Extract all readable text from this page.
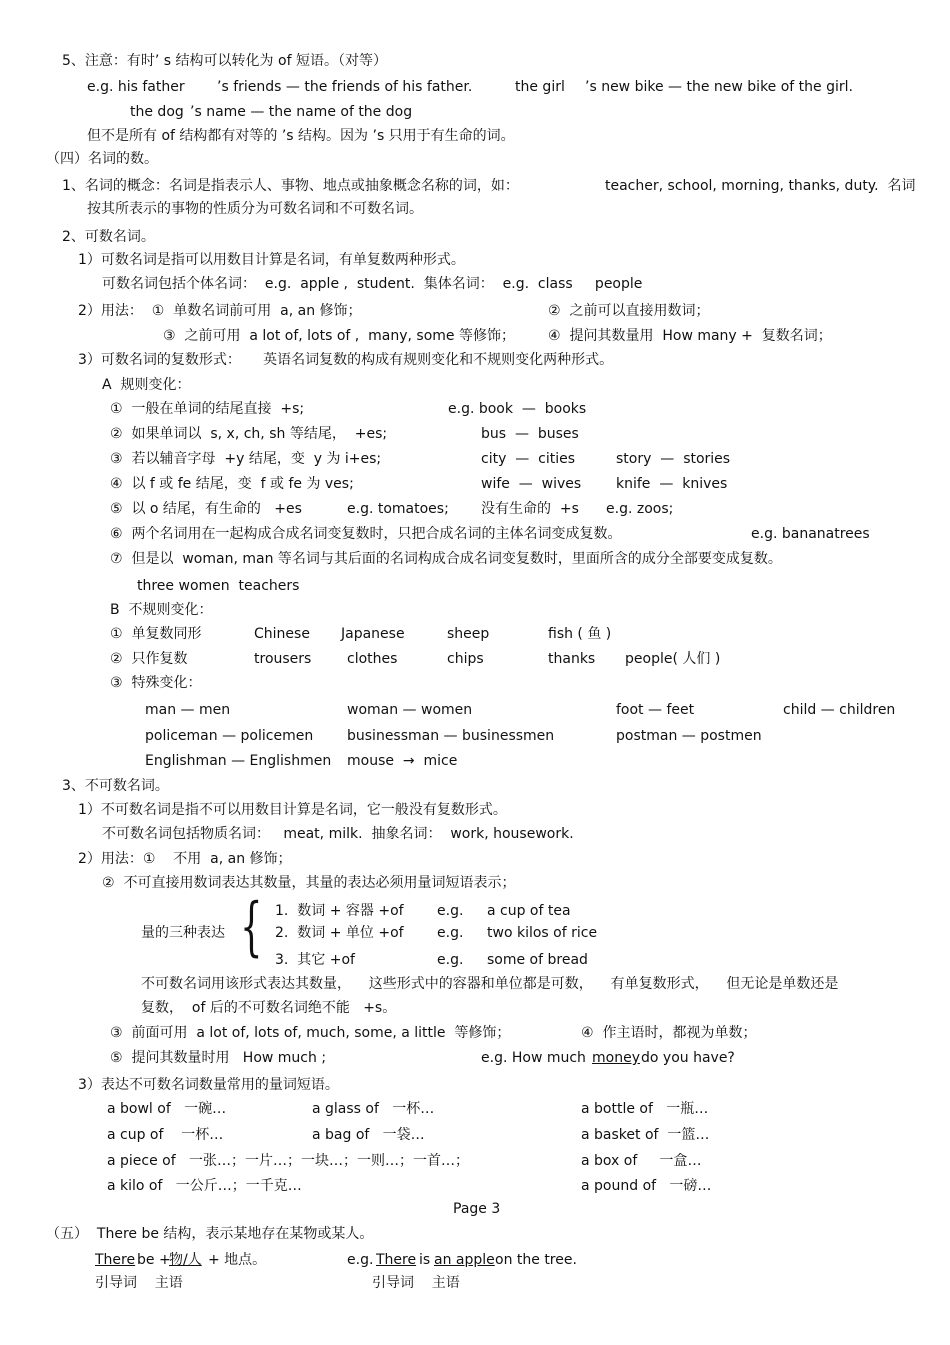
5、注意：有时’ s 结构可以转化为 of 短语。（对等）
e.g. his father ’s friends — the friends of his father.	the girl ’s new bike — the new bike of the girl.
the dog ’s name — the name of the dog
但不是所有 of 结构都有对等的 ’s 结构。因为 ’s 只用于有生命的词。
（四）名词的数。
1、名词的概念：名词是指表示人、事物、地点或抽象概念名称的词，如：	teacher, school, morning, thanks, duty.  名词
按其所表示的事物的性质分为可数名词和不可数名词。
2、可数名词。
1）可数名词是指可以用数目计算是名词，有单复数两种形式。
可数名词包括个体名词：  e.g.  apple ,  student.  集体名词：  e.g.  class     people
2）用法：  ①  单数名词前可用  a, an 修饰；	②  之前可以直接用数词；
③  之前可用  a lot of, lots of ,  many, some 等修饰； ④  提问其数量用  How many +  复数名词；
3）可数名词的复数形式：     英语名词复数的构成有规则变化和不规则变化两种形式。
A  规则变化：
①  一般在单词的结尾直接  +s;	e.g. book  —  books
②  如果单词以  s, x, ch, sh 等结尾，  +es;	bus  —  buses
③  若以辅音字母  +y 结尾，变  y 为 i+es;	city  —  cities	story  —  stories
④  以 f 或 fe 结尾，变  f 或 fe 为 ves;	wife  —  wives knife  —  knives
⑤  以 o 结尾，有生命的   +es	e.g. tomatoes; 没有生命的  +s e.g. zoos;
⑥  两个名词用在一起构成合成名词变复数时，只把合成名词的主体名词变成复数。	e.g. bananatrees
⑦  但是以  woman, man 等名词与其后面的名词构成合成名词变复数时，里面所含的成分全部要变成复数。
three women  teachers
B  不规则变化：
①  单复数同形	Chinese Japanese	sheep	fish ( 鱼 )
②  只作复数	trousers	clothes	chips	thanks people( 人们 )
③  特殊变化：
man — men	woman — women	foot — feet	child — children
policeman — policemen businessman — businessmen	postman — postmen
Englishman — Englishmen mouse  →  mice
3、不可数名词。
1）不可数名词是指不可以用数目计算是名词，它一般没有复数形式。
不可数名词包括物质名词：   meat, milk.  抽象名词：  work, housework.
2）用法：①    不用  a, an 修饰；
②  不可直接用数词表达其数量，其量的表达必须用量词短语表示；
1.  数词 + 容器 +of e.g. a cup of tea
量的三种表达 { 2.  数词 + 单位 +of e.g. two kilos of rice
3.  其它 +of	e.g. some of bread
不可数名词用该形式表达其数量，    这些形式中的容器和单位都是可数，    有单复数形式，    但无论是单数还是
复数，  of 后的不可数名词绝不能   +s。
③  前面可用  a lot of, lots of, much, some, a little  等修饰；	④  作主语时，都视为单数；
⑤  提问其数量时用   How much ;	e.g. How much money do you have?
3）表达不可数名词数量常用的量词短语。
a bowl of   一碗…	a glass of   一杯…	a bottle of   一瓶…
a cup of    一杯…	a bag of   一袋…	a basket of  一篮…
a piece of   一张…；一片…；一块…；一则…；一首…；	a box of     一盒…
a kilo of   一公斤…；一千克…	a pound of   一磅…
Page 3
（五）  There be 结构，表示某地存在某物或某人。
There be +
物/人 + 地点。	e.g. There is an apple on the tree.
引导词    主语	引导词    主语
